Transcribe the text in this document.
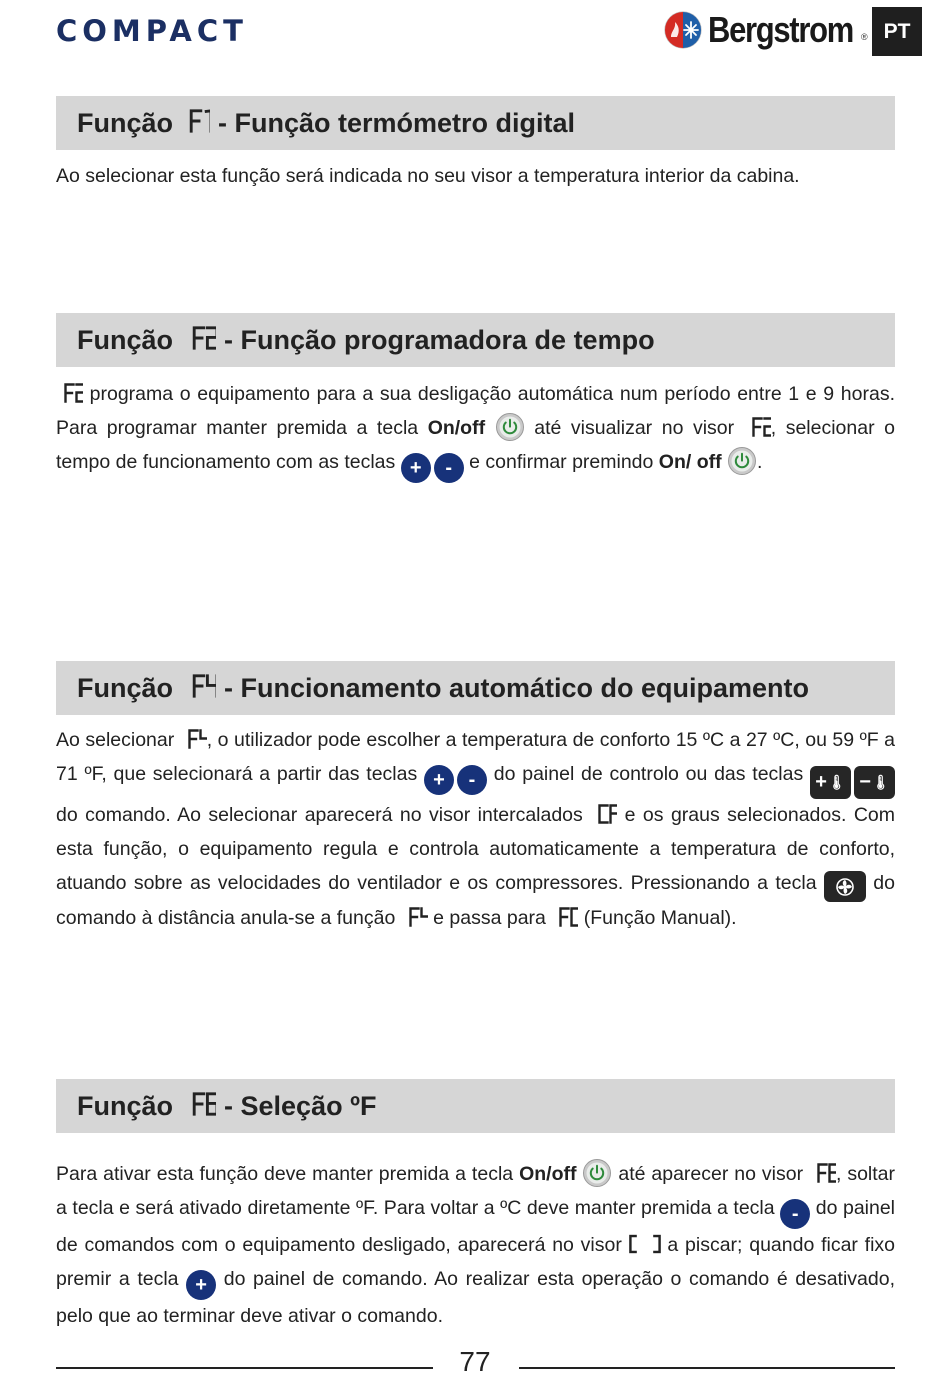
COMPACT	Bergstrom ® PT
Função - Função termómetro digital
Ao selecionar esta função será indicada no seu visor a temperatura interior da cabina.
Função - Função programadora de tempo
programa o equipamento para a sua desligação automática num período entre 1 e 9 horas. Para programar manter premida a tecla On/off	até visualizar no visor , selecionar o tempo de funcionamento com as teclas + - e confirmar premindo On/ off .
Função - Funcionamento automático do equipamento
Ao selecionar , o utilizador pode escolher a temperatura de conforto 15 ºC a 27 ºC, ou 59 ºF a 71 ºF, que selecionará a partir das teclas + - do painel de controlo ou das teclas + 🌡︎ − 🌡︎
do comando. Ao selecionar aparecerá no visor intercalados e os graus selecionados. Com esta função, o equipamento regula e controla automaticamente a temperatura de conforto, atuando sobre as velocidades do ventilador e os compressores. Pressionando a tecla	do comando à distância anula-se a função e passa para (Função Manual).
Função - Seleção ºF
Para ativar esta função deve manter premida a tecla On/off até aparecer no visor , soltar a tecla e será ativado diretamente ºF. Para voltar a ºC deve manter premida a tecla - do painel de comandos com o equipamento desligado, aparecerá no visor a piscar; quando ficar fixo premir a tecla + do painel de comando. Ao realizar esta operação o comando é desativado, pelo que ao terminar deve ativar o comando.
77
